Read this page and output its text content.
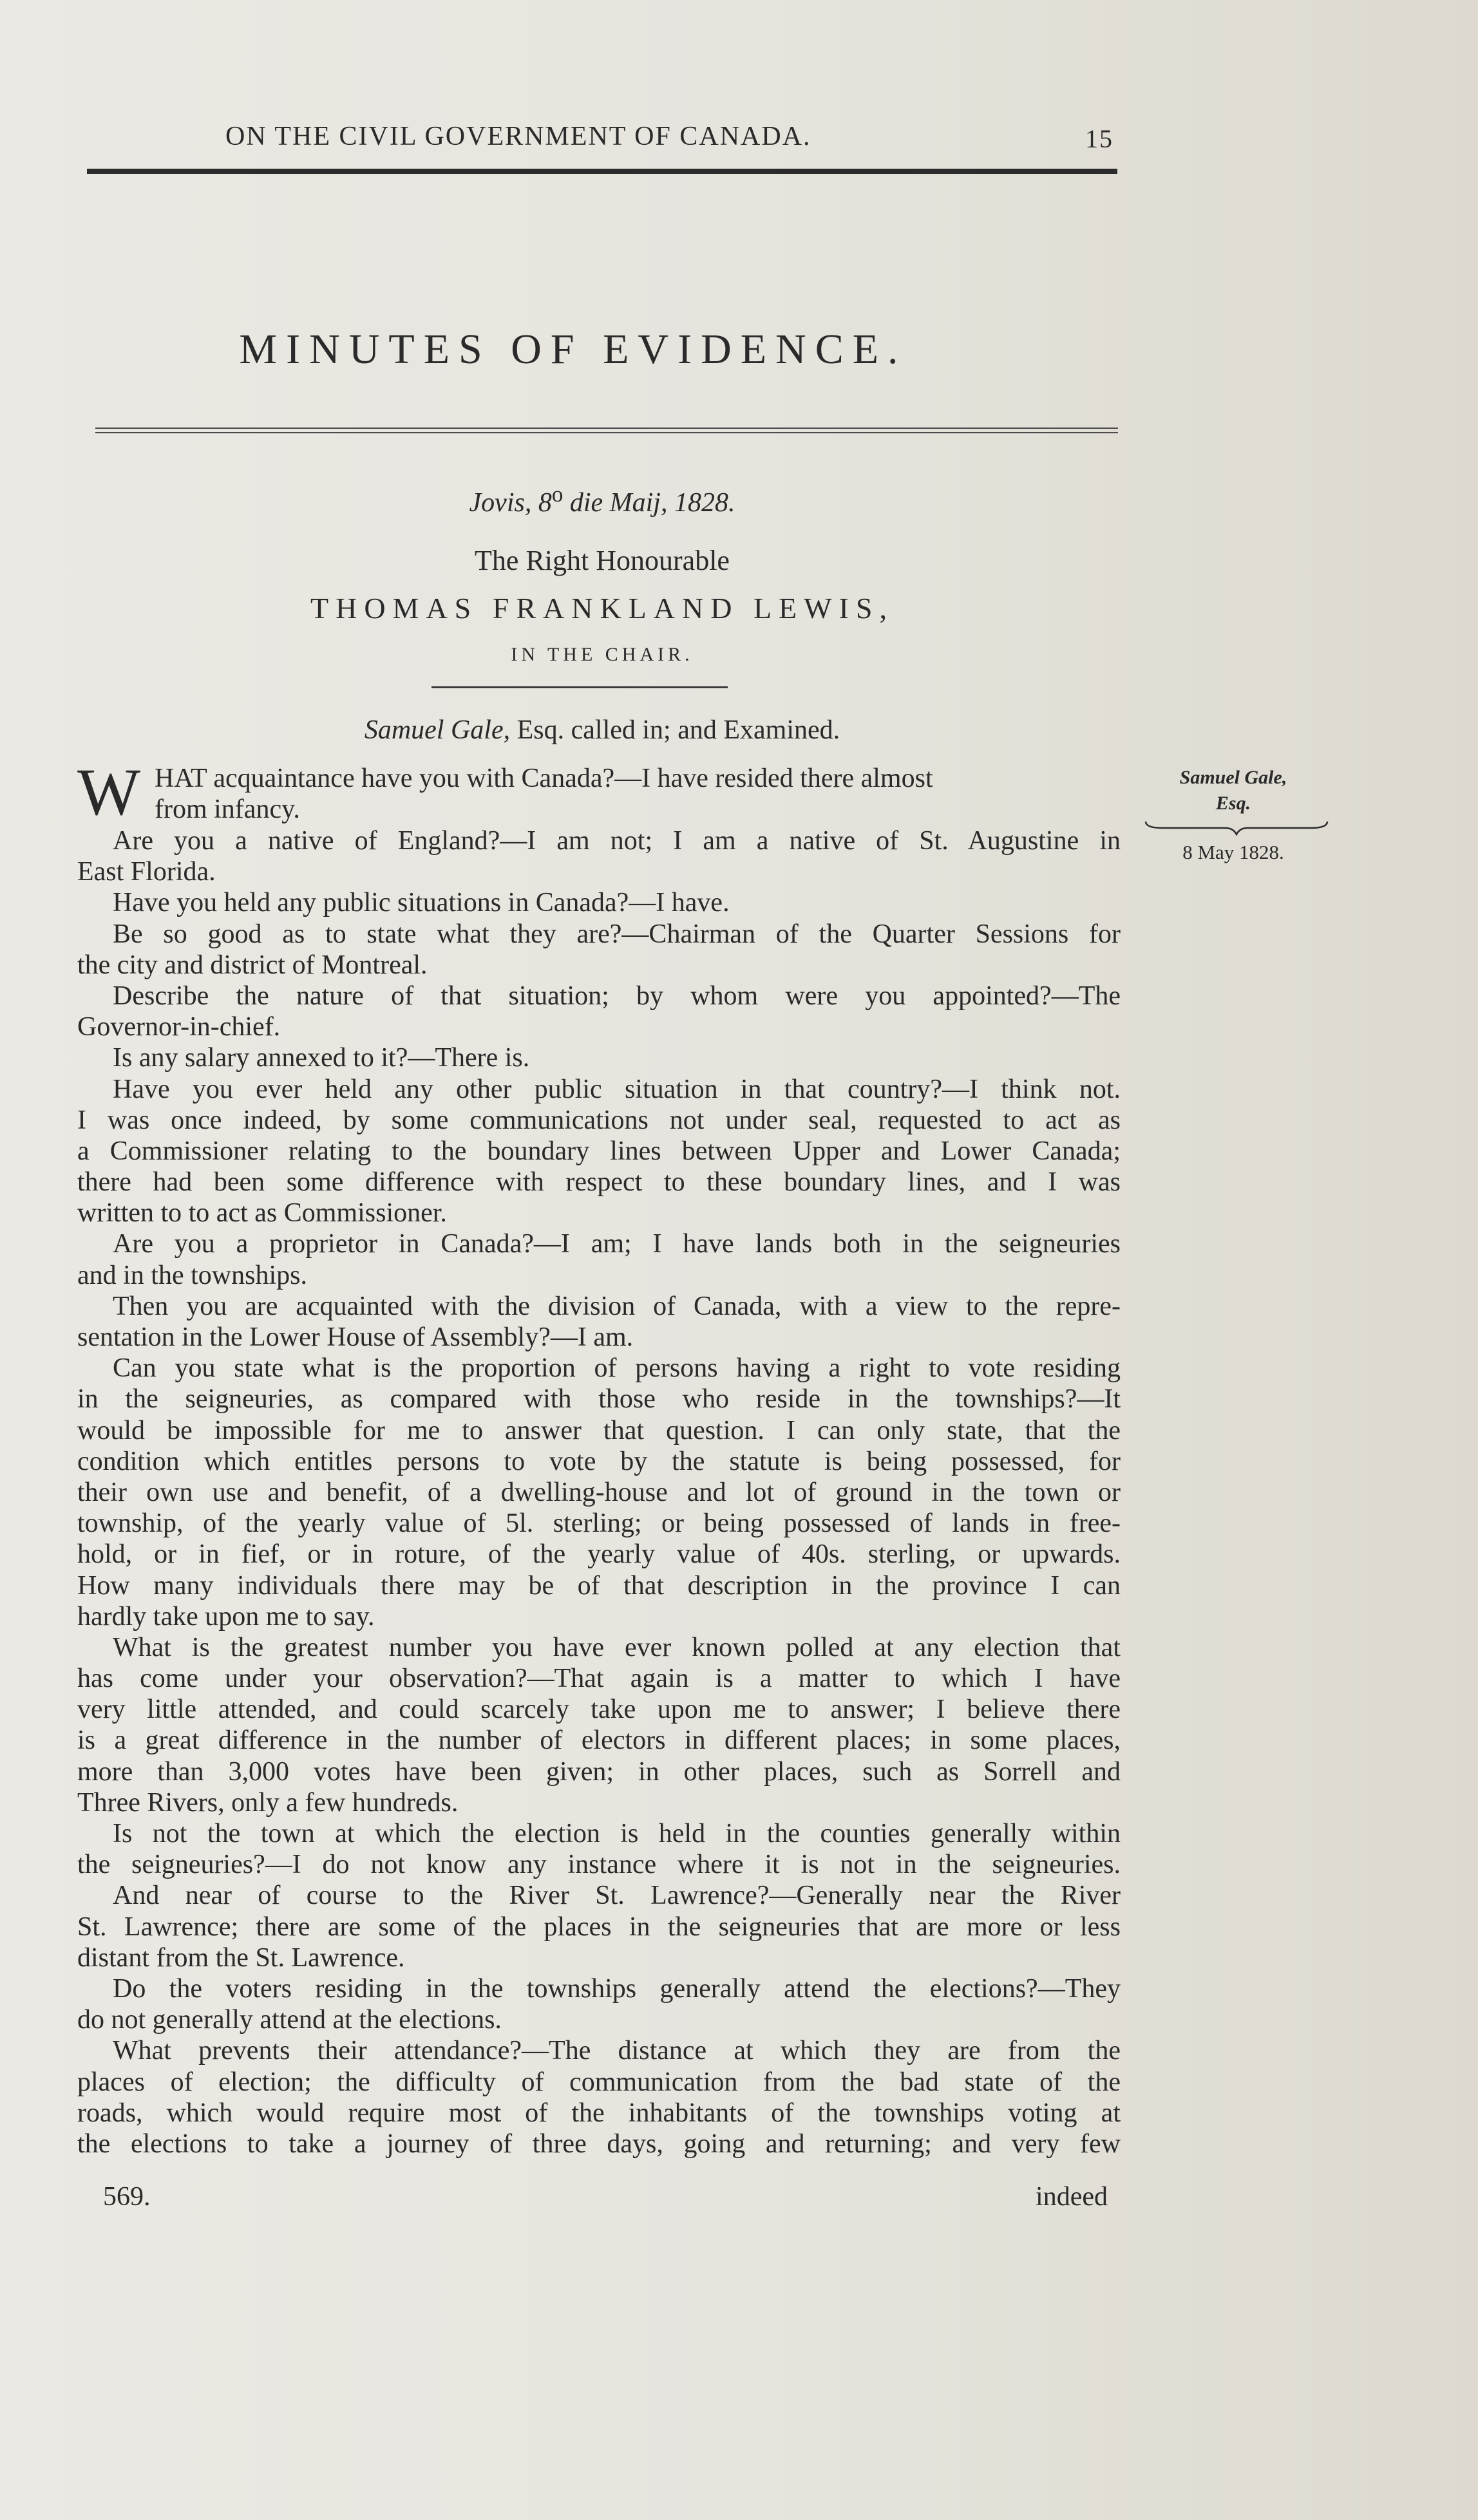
ON THE CIVIL GOVERNMENT OF CANADA.	15
MINUTES OF EVIDENCE.
Jovis, 8$^o$ die Maij, 1828.
The Right Honourable
THOMAS FRANKLAND LEWIS,
IN THE CHAIR.
Samuel Gale, Esq. called in; and Examined.
W HAT acquaintance have you with Canada?—I have resided there almost
from infancy.
Samuel Gale,
Esq.
8 May 1828.
Are you a native of England?—I am not; I am a native of St. Augustine in
East Florida.
Have you held any public situations in Canada?—I have.
Be so good as to state what they are?—Chairman of the Quarter Sessions for
the city and district of Montreal.
Describe the nature of that situation; by whom were you appointed?—The
Governor-in-chief.
Is any salary annexed to it?—There is.
Have you ever held any other public situation in that country?—I think not.
I was once indeed, by some communications not under seal, requested to act as
a Commissioner relating to the boundary lines between Upper and Lower Canada;
there had been some difference with respect to these boundary lines, and I was
written to to act as Commissioner.
Are you a proprietor in Canada?—I am; I have lands both in the seigneuries
and in the townships.
Then you are acquainted with the division of Canada, with a view to the repre-
sentation in the Lower House of Assembly?—I am.
Can you state what is the proportion of persons having a right to vote residing
in the seigneuries, as compared with those who reside in the townships?—It
would be impossible for me to answer that question. I can only state, that the
condition which entitles persons to vote by the statute is being possessed, for
their own use and benefit, of a dwelling-house and lot of ground in the town or
township, of the yearly value of 5l. sterling; or being possessed of lands in free-
hold, or in fief, or in roture, of the yearly value of 40s. sterling, or upwards.
How many individuals there may be of that description in the province I can
hardly take upon me to say.
What is the greatest number you have ever known polled at any election that
has come under your observation?—That again is a matter to which I have
very little attended, and could scarcely take upon me to answer; I believe there
is a great difference in the number of electors in different places; in some places,
more than 3,000 votes have been given; in other places, such as Sorrell and
Three Rivers, only a few hundreds.
Is not the town at which the election is held in the counties generally within
the seigneuries?—I do not know any instance where it is not in the seigneuries.
And near of course to the River St. Lawrence?—Generally near the River
St. Lawrence; there are some of the places in the seigneuries that are more or less
distant from the St. Lawrence.
Do the voters residing in the townships generally attend the elections?—They
do not generally attend at the elections.
What prevents their attendance?—The distance at which they are from the
places of election; the difficulty of communication from the bad state of the
roads, which would require most of the inhabitants of the townships voting at
the elections to take a journey of three days, going and returning; and very few
569.	indeed
